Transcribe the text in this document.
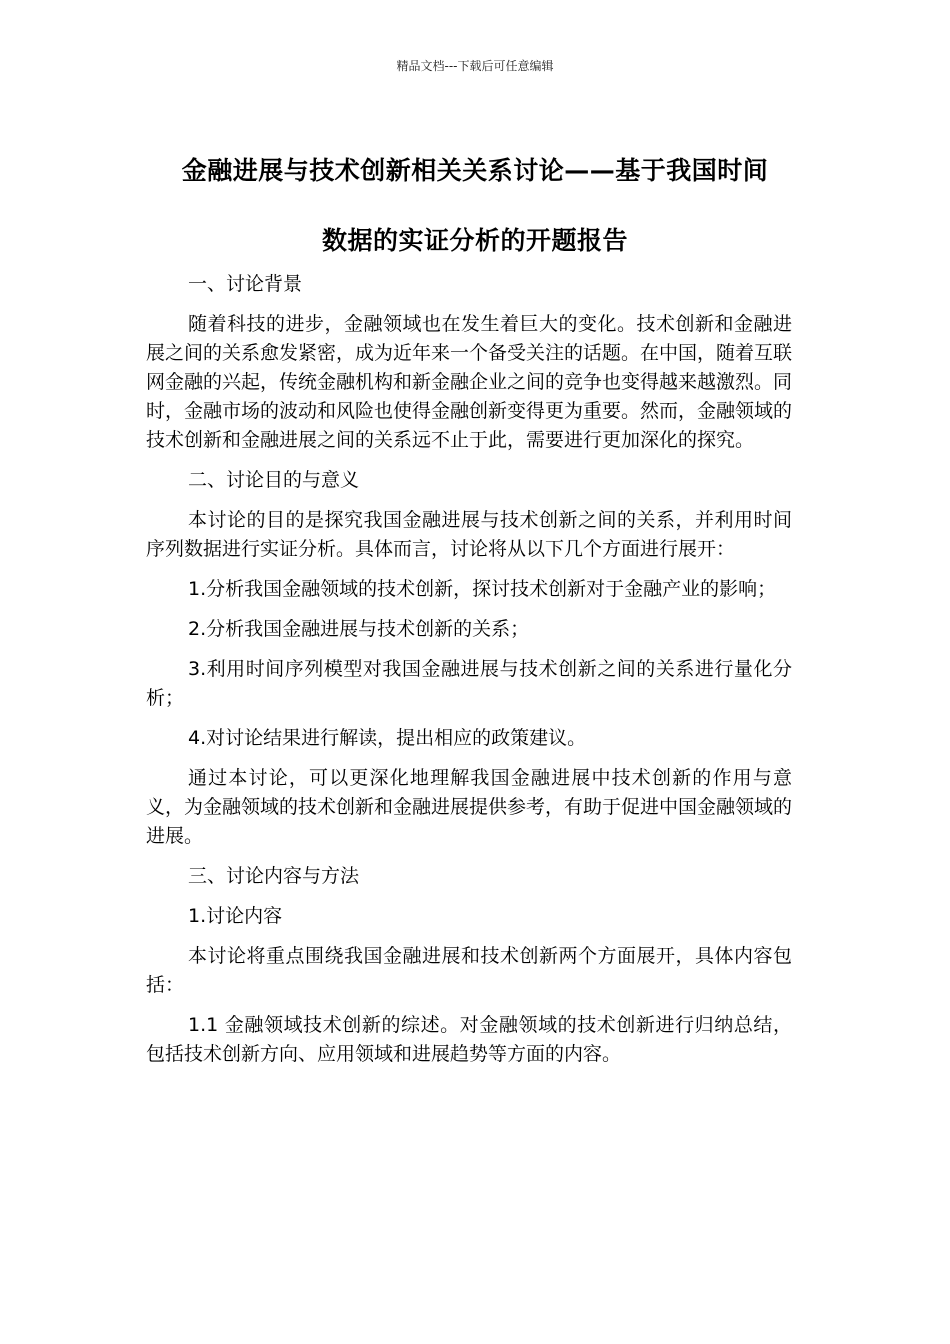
精品文档---下载后可任意编辑
金融进展与技术创新相关关系讨论——基于我国时间
数据的实证分析的开题报告

一、讨论背景

随着科技的进步，金融领域也在发生着巨大的变化。技术创新和金融进展之间的关系愈发紧密，成为近年来一个备受关注的话题。在中国，随着互联网金融的兴起，传统金融机构和新金融企业之间的竞争也变得越来越激烈。同时，金融市场的波动和风险也使得金融创新变得更为重要。然而，金融领域的技术创新和金融进展之间的关系远不止于此，需要进行更加深化的探究。

二、讨论目的与意义

本讨论的目的是探究我国金融进展与技术创新之间的关系，并利用时间序列数据进行实证分析。具体而言，讨论将从以下几个方面进行展开：

1.分析我国金融领域的技术创新，探讨技术创新对于金融产业的影响；

2.分析我国金融进展与技术创新的关系；

3.利用时间序列模型对我国金融进展与技术创新之间的关系进行量化分析；

4.对讨论结果进行解读，提出相应的政策建议。

通过本讨论，可以更深化地理解我国金融进展中技术创新的作用与意义，为金融领域的技术创新和金融进展提供参考，有助于促进中国金融领域的进展。

三、讨论内容与方法

1.讨论内容

本讨论将重点围绕我国金融进展和技术创新两个方面展开，具体内容包括：

1.1 金融领域技术创新的综述。对金融领域的技术创新进行归纳总结，包括技术创新方向、应用领域和进展趋势等方面的内容。
